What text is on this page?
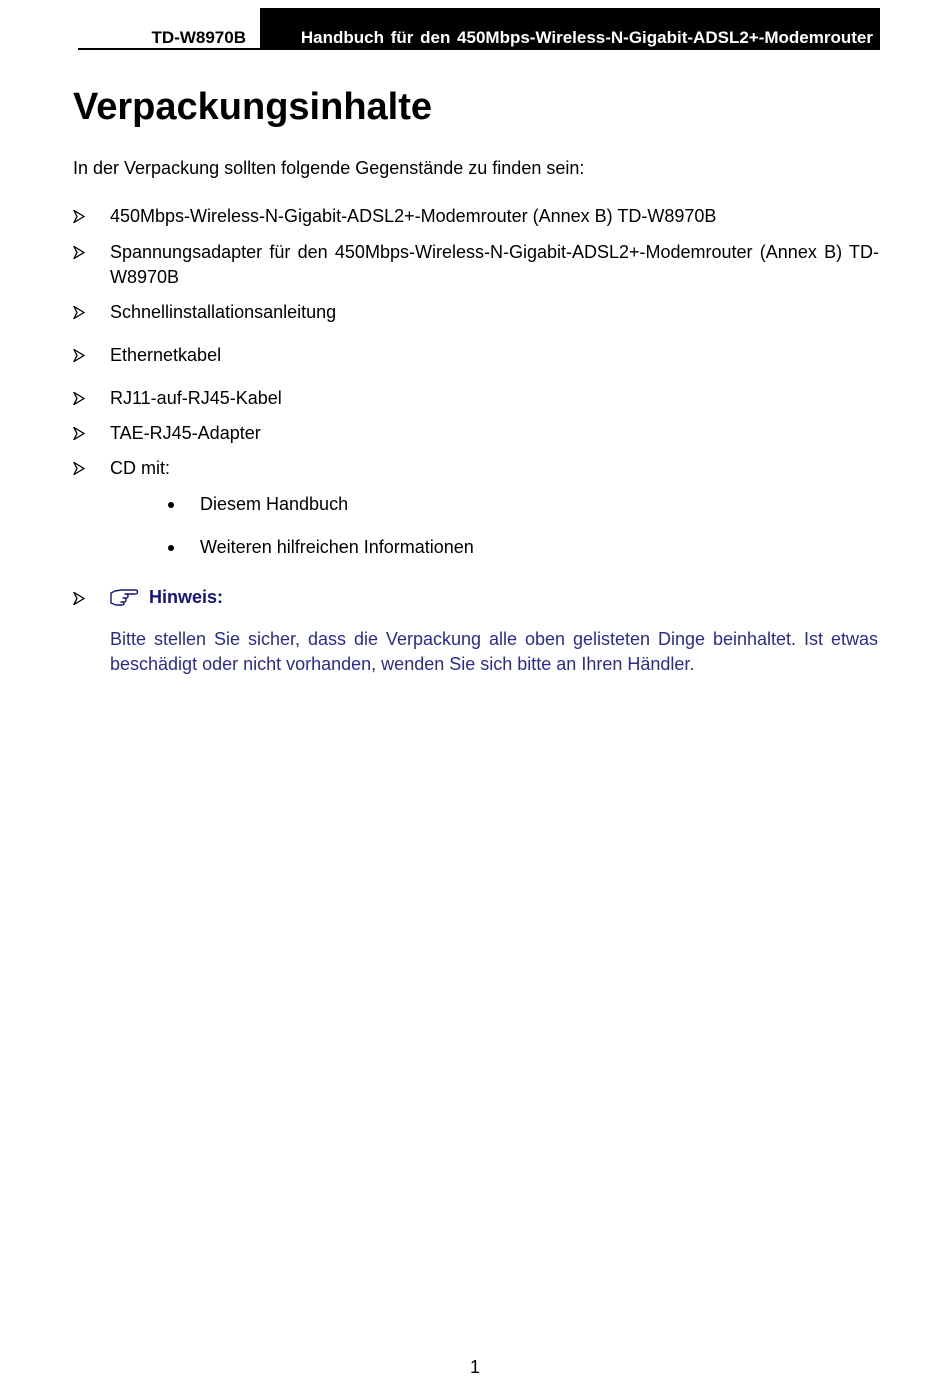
TD-W8970B	Handbuch für den 450Mbps-Wireless-N-Gigabit-ADSL2+-Modemrouter
Verpackungsinhalte
In der Verpackung sollten folgende Gegenstände zu finden sein:
450Mbps-Wireless-N-Gigabit-ADSL2+-Modemrouter (Annex B) TD-W8970B
Spannungsadapter für den 450Mbps-Wireless-N-Gigabit-ADSL2+-Modemrouter (Annex B) TD-W8970B
Schnellinstallationsanleitung
Ethernetkabel
RJ11-auf-RJ45-Kabel
TAE-RJ45-Adapter
CD mit:
Diesem Handbuch
Weiteren hilfreichen Informationen
Hinweis:
Bitte stellen Sie sicher, dass die Verpackung alle oben gelisteten Dinge beinhaltet. Ist etwas beschädigt oder nicht vorhanden, wenden Sie sich bitte an Ihren Händler.
1
